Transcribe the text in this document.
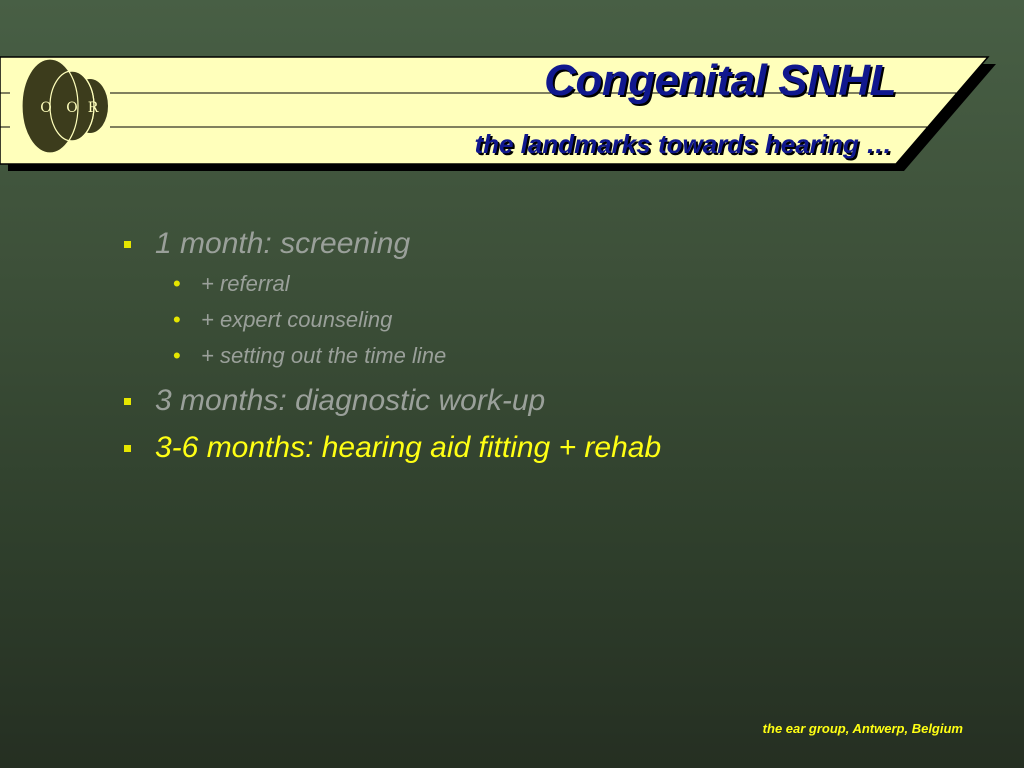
O O R
Congenital SNHL
the landmarks towards hearing …
1 month: screening
• + referral
• + expert counseling
• + setting out the time line
3 months: diagnostic work-up
3-6 months: hearing aid fitting + rehab

the ear group, Antwerp, Belgium
